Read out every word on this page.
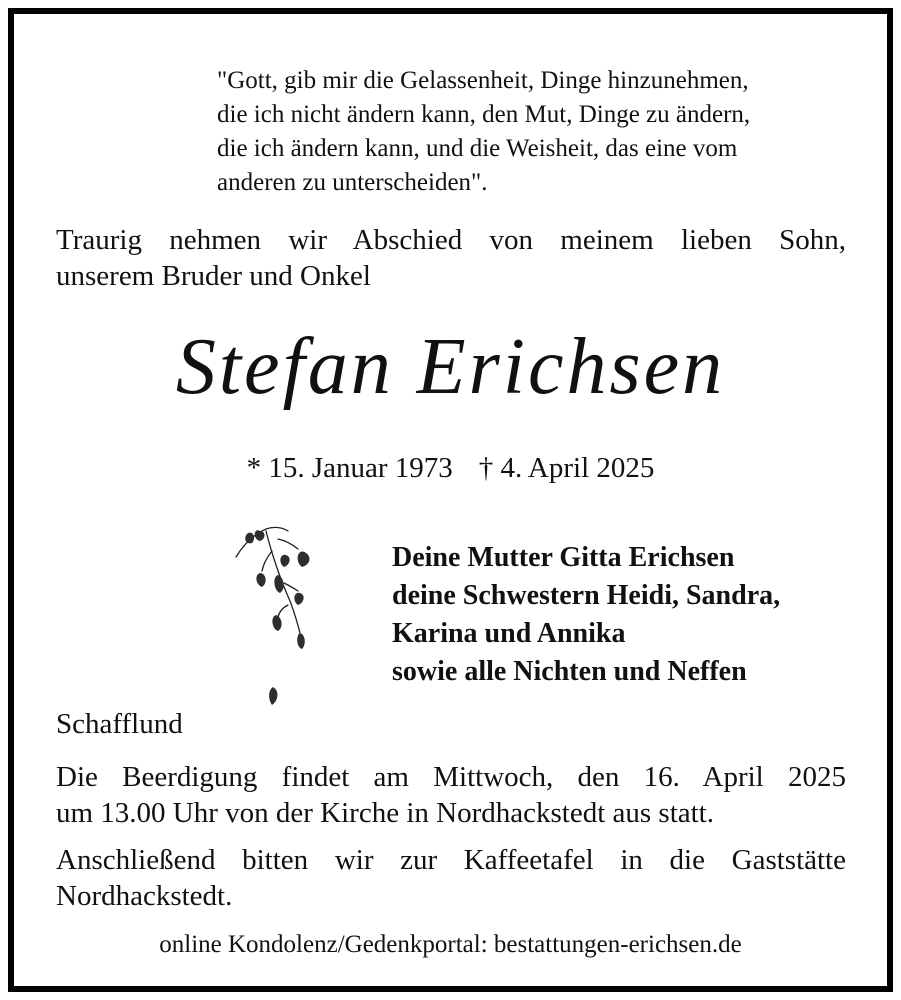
"Gott, gib mir die Gelassenheit, Dinge hinzunehmen,
die ich nicht ändern kann, den Mut, Dinge zu ändern,
die ich ändern kann, und die Weisheit, das eine vom
anderen zu unterscheiden".
Traurig nehmen wir Abschied von meinem lieben Sohn,
unserem Bruder und Onkel
Stefan Erichsen
* 15. Januar 1973 † 4. April 2025
Deine Mutter Gitta Erichsen
deine Schwestern Heidi, Sandra,
Karina und Annika
sowie alle Nichten und Neffen
Schafflund
Die Beerdigung findet am Mittwoch, den 16. April 2025
um 13.00 Uhr von der Kirche in Nordhackstedt aus statt.
Anschließend bitten wir zur Kaffeetafel in die Gaststätte
Nordhackstedt.
online Kondolenz/Gedenkportal: bestattungen-erichsen.de
